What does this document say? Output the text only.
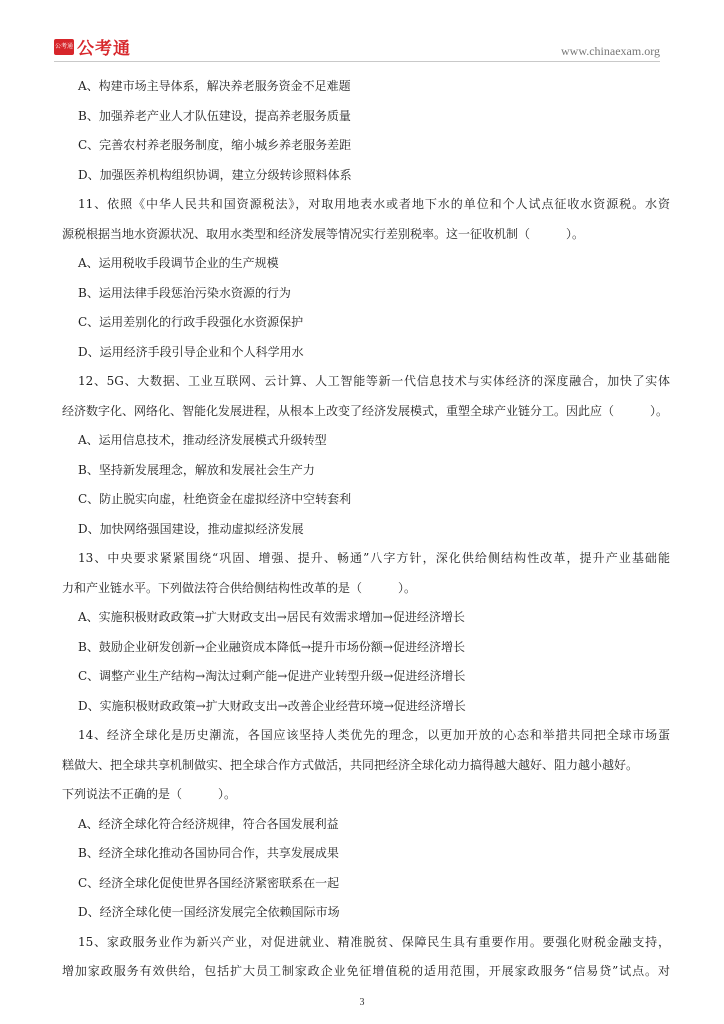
公考通 公考通	www.chinaexam.org
A、构建市场主导体系，解决养老服务资金不足难题
B、加强养老产业人才队伍建设，提高养老服务质量
C、完善农村养老服务制度，缩小城乡养老服务差距
D、加强医养机构组织协调，建立分级转诊照料体系
11、依照《中华人民共和国资源税法》，对取用地表水或者地下水的单位和个人试点征收水资源税。水资
源税根据当地水资源状况、取用水类型和经济发展等情况实行差别税率。这一征收机制（　　　）。
A、运用税收手段调节企业的生产规模
B、运用法律手段惩治污染水资源的行为
C、运用差别化的行政手段强化水资源保护
D、运用经济手段引导企业和个人科学用水
12、5G、大数据、工业互联网、云计算、人工智能等新一代信息技术与实体经济的深度融合，加快了实体
经济数字化、网络化、智能化发展进程，从根本上改变了经济发展模式，重塑全球产业链分工。因此应（　　　）。
A、运用信息技术，推动经济发展模式升级转型
B、坚持新发展理念，解放和发展社会生产力
C、防止脱实向虚，杜绝资金在虚拟经济中空转套利
D、加快网络强国建设，推动虚拟经济发展
13、中央要求紧紧围绕“巩固、增强、提升、畅通”八字方针，深化供给侧结构性改革，提升产业基础能
力和产业链水平。下列做法符合供给侧结构性改革的是（　　　）。
A、实施积极财政政策→扩大财政支出→居民有效需求增加→促进经济增长
B、鼓励企业研发创新→企业融资成本降低→提升市场份额→促进经济增长
C、调整产业生产结构→淘汰过剩产能→促进产业转型升级→促进经济增长
D、实施积极财政政策→扩大财政支出→改善企业经营环境→促进经济增长
14、经济全球化是历史潮流，各国应该坚持人类优先的理念，以更加开放的心态和举措共同把全球市场蛋
糕做大、把全球共享机制做实、把全球合作方式做活，共同把经济全球化动力搞得越大越好、阻力越小越好。
下列说法不正确的是（　　　）。
A、经济全球化符合经济规律，符合各国发展利益
B、经济全球化推动各国协同合作，共享发展成果
C、经济全球化促使世界各国经济紧密联系在一起
D、经济全球化使一国经济发展完全依赖国际市场
15、家政服务业作为新兴产业，对促进就业、精准脱贫、保障民生具有重要作用。要强化财税金融支持，
增加家政服务有效供给，包括扩大员工制家政企业免征增值税的适用范围，开展家政服务“信易贷”试点。对
3
